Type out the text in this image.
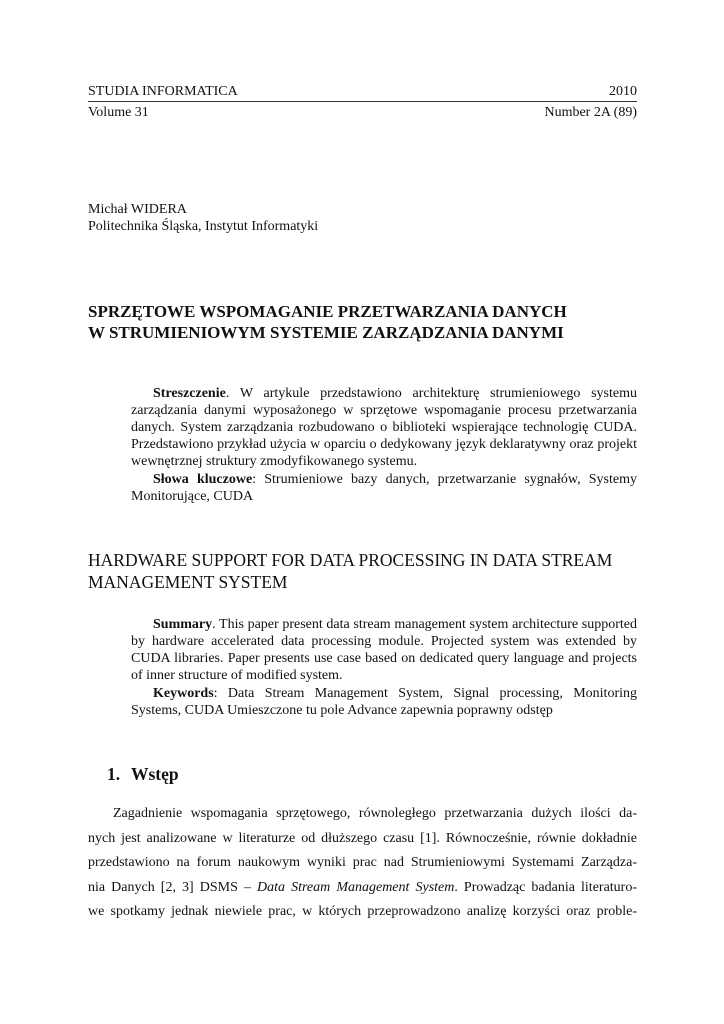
STUDIA INFORMATICA	2010
Volume 31	Number 2A (89)
Michał WIDERA
Politechnika Śląska, Instytut Informatyki
SPRZĘTOWE WSPOMAGANIE PRZETWARZANIA DANYCH
W STRUMIENIOWYM SYSTEMIE ZARZĄDZANIA DANYMI

Streszczenie. W artykule przedstawiono architekturę strumieniowego systemu zarządzania danymi wyposażonego w sprzętowe wspomaganie procesu przetwarzania danych. System zarządzania rozbudowano o biblioteki wspierające technologię CUDA. Przedstawiono przykład użycia w oparciu o dedykowany język deklaratywny oraz projekt wewnętrznej struktury zmodyfikowanego systemu.

Słowa kluczowe: Strumieniowe bazy danych, przetwarzanie sygnałów, Systemy Monitorujące, CUDA

HARDWARE SUPPORT FOR DATA PROCESSING IN DATA STREAM
MANAGEMENT SYSTEM

Summary. This paper present data stream management system architecture supported by hardware accelerated data processing module. Projected system was extended by CUDA libraries. Paper presents use case based on dedicated query language and projects of inner structure of modified system.

Keywords: Data Stream Management System, Signal processing, Monitoring Systems, CUDA Umieszczone tu pole Advance zapewnia poprawny odstęp

1. Wstęp
Zagadnienie wspomagania sprzętowego, równoległego przetwarzania dużych ilości da-
nych jest analizowane w literaturze od dłuższego czasu [1]. Równocześnie, równie dokładnie
przedstawiono na forum naukowym wyniki prac nad Strumieniowymi Systemami Zarządza-
nia Danych [2, 3] DSMS – Data Stream Management System. Prowadząc badania literaturo-
we spotkamy jednak niewiele prac, w których przeprowadzono analizę korzyści oraz proble-
